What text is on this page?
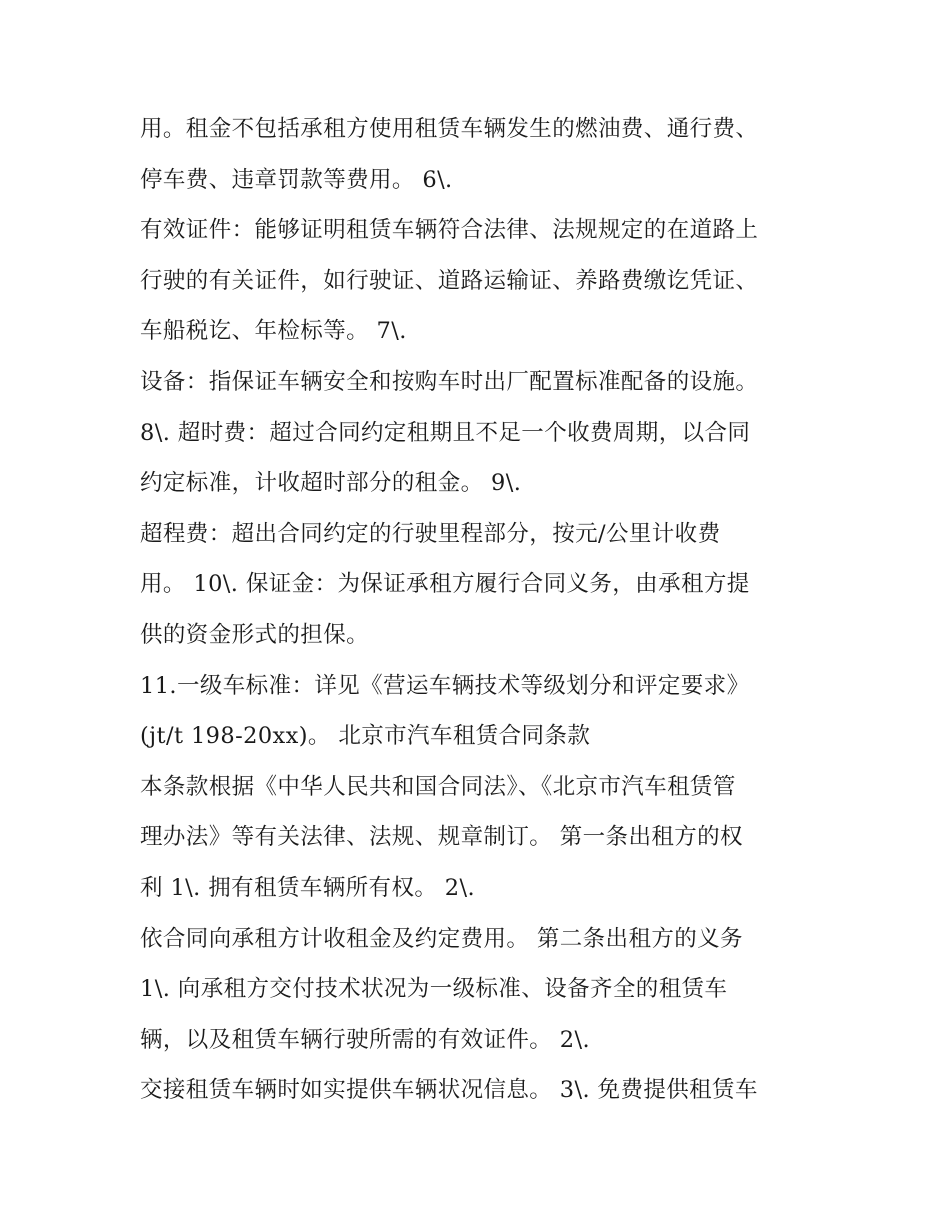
用。租金不包括承租方使用租赁车辆发生的燃油费、通行费、
停车费、违章罚款等费用。 6\.
有效证件：能够证明租赁车辆符合法律、法规规定的在道路上
行驶的有关证件，如行驶证、道路运输证、养路费缴讫凭证、
车船税讫、年检标等。 7\.
设备：指保证车辆安全和按购车时出厂配置标准配备的设施。
8\. 超时费：超过合同约定租期且不足一个收费周期，以合同
约定标准，计收超时部分的租金。 9\.
超程费：超出合同约定的行驶里程部分，按元/公里计收费
用。 10\. 保证金：为保证承租方履行合同义务，由承租方提
供的资金形式的担保。
11.一级车标准：详见《营运车辆技术等级划分和评定要求》
(jt/t 198-20xx)。 北京市汽车租赁合同条款
本条款根据《中华人民共和国合同法》、《北京市汽车租赁管
理办法》等有关法律、法规、规章制订。 第一条出租方的权
利 1\. 拥有租赁车辆所有权。 2\.
依合同向承租方计收租金及约定费用。 第二条出租方的义务
1\. 向承租方交付技术状况为一级标准、设备齐全的租赁车
辆，以及租赁车辆行驶所需的有效证件。 2\.
交接租赁车辆时如实提供车辆状况信息。 3\. 免费提供租赁车
